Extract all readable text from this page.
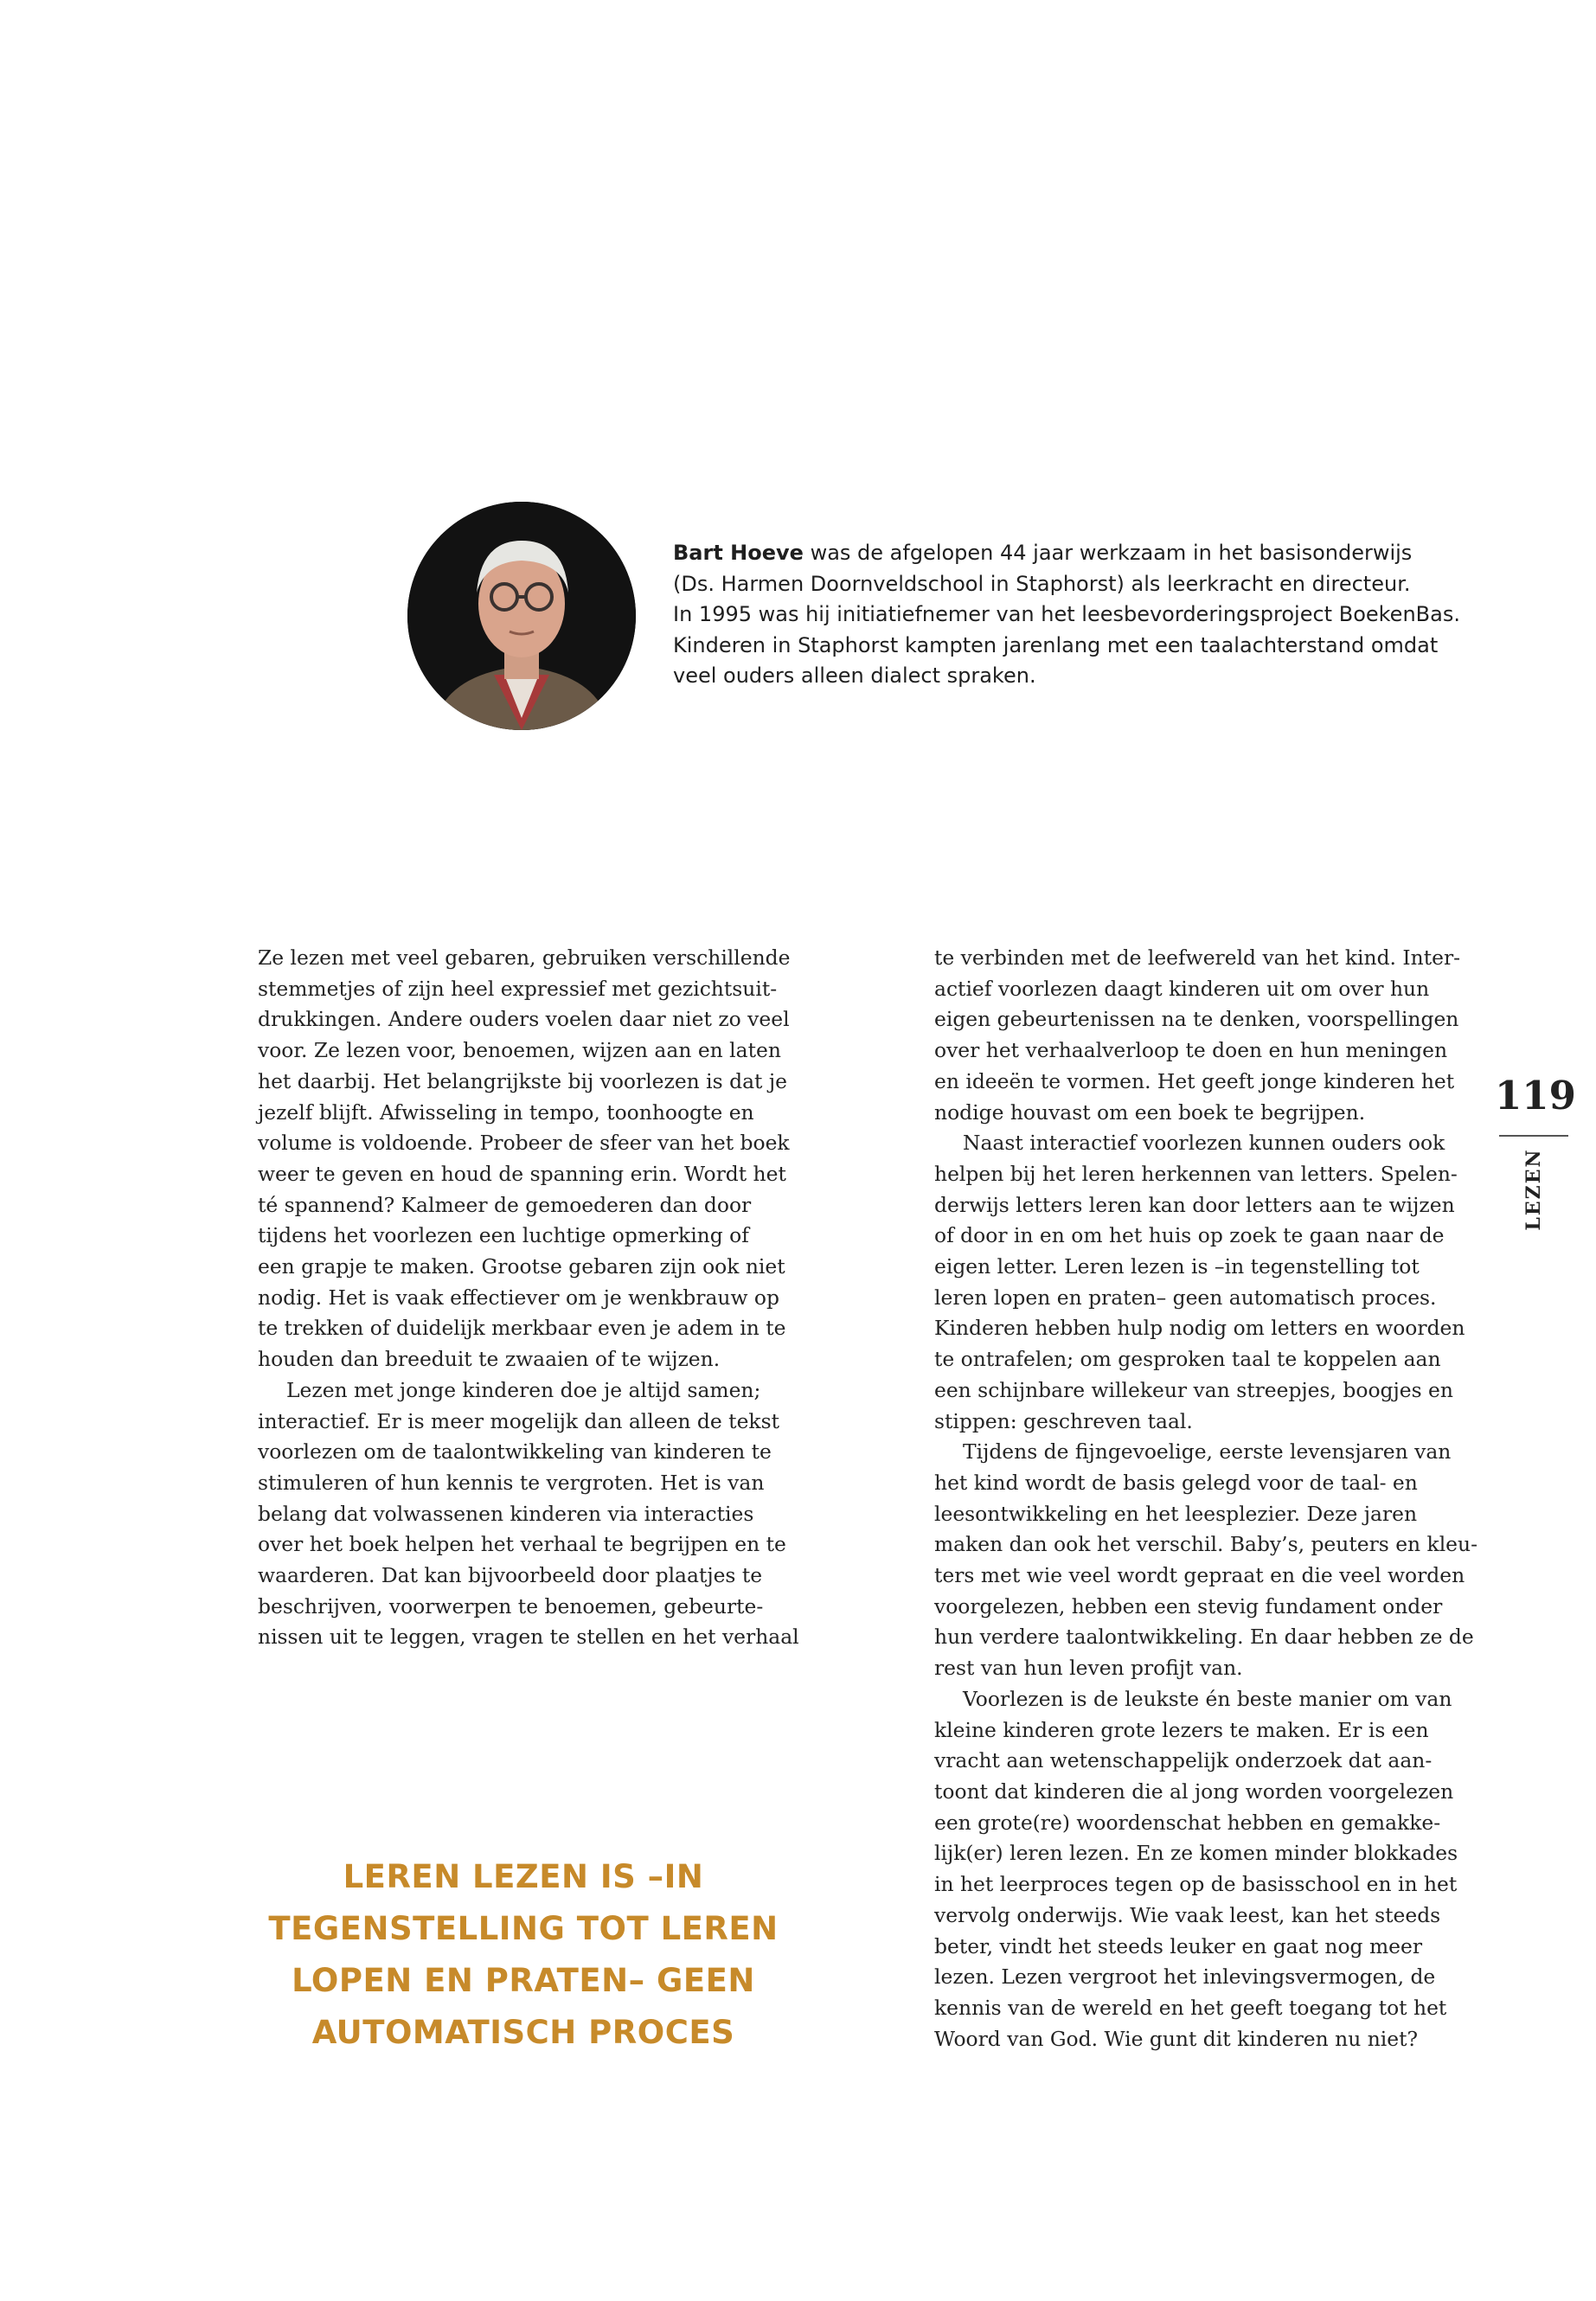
Bart Hoeve was de afgelopen 44 jaar werkzaam in het basisonderwijs
(Ds. Harmen Doornveldschool in Staphorst) als leerkracht en directeur.
In 1995 was hij initiatiefnemer van het leesbevorderingsproject BoekenBas.
Kinderen in Staphorst kampten jarenlang met een taalachterstand omdat
veel ouders alleen dialect spraken.
Ze lezen met veel gebaren, gebruiken verschillende
stemmetjes of zijn heel expressief met gezichtsuit-
drukkingen. Andere ouders voelen daar niet zo veel
voor. Ze lezen voor, benoemen, wijzen aan en laten
het daarbij. Het belangrijkste bij voorlezen is dat je
jezelf blijft. Afwisseling in tempo, toonhoogte en
volume is voldoende. Probeer de sfeer van het boek
weer te geven en houd de spanning erin. Wordt het
té spannend? Kalmeer de gemoederen dan door
tijdens het voorlezen een luchtige opmerking of
een grapje te maken. Grootse gebaren zijn ook niet
nodig. Het is vaak effectiever om je wenkbrauw op
te trekken of duidelijk merkbaar even je adem in te
houden dan breeduit te zwaaien of te wijzen.
Lezen met jonge kinderen doe je altijd samen;
interactief. Er is meer mogelijk dan alleen de tekst
voorlezen om de taalontwikkeling van kinderen te
stimuleren of hun kennis te vergroten. Het is van
belang dat volwassenen kinderen via interacties
over het boek helpen het verhaal te begrijpen en te
waarderen. Dat kan bijvoorbeeld door plaatjes te
beschrijven, voorwerpen te benoemen, gebeurte-
nissen uit te leggen, vragen te stellen en het verhaal
te verbinden met de leefwereld van het kind. Inter-
actief voorlezen daagt kinderen uit om over hun
eigen gebeurtenissen na te denken, voorspellingen
over het verhaalverloop te doen en hun meningen
en ideeën te vormen. Het geeft jonge kinderen het
nodige houvast om een boek te begrijpen.
Naast interactief voorlezen kunnen ouders ook
helpen bij het leren herkennen van letters. Spelen-
derwijs letters leren kan door letters aan te wijzen
of door in en om het huis op zoek te gaan naar de
eigen letter. Leren lezen is –in tegenstelling tot
leren lopen en praten– geen automatisch proces.
Kinderen hebben hulp nodig om letters en woorden
te ontrafelen; om gesproken taal te koppelen aan
een schijnbare willekeur van streepjes, boogjes en
stippen: geschreven taal.
Tijdens de fijngevoelige, eerste levensjaren van
het kind wordt de basis gelegd voor de taal- en
leesontwikkeling en het leesplezier. Deze jaren
maken dan ook het verschil. Baby’s, peuters en kleu-
ters met wie veel wordt gepraat en die veel worden
voorgelezen, hebben een stevig fundament onder
hun verdere taalontwikkeling. En daar hebben ze de
rest van hun leven profijt van.
Voorlezen is de leukste én beste manier om van
kleine kinderen grote lezers te maken. Er is een
vracht aan wetenschappelijk onderzoek dat aan-
toont dat kinderen die al jong worden voorgelezen
een grote(re) woordenschat hebben en gemakke-
lijk(er) leren lezen. En ze komen minder blokkades
in het leerproces tegen op de basisschool en in het
vervolg onderwijs. Wie vaak leest, kan het steeds
beter, vindt het steeds leuker en gaat nog meer
lezen. Lezen vergroot het inlevingsvermogen, de
kennis van de wereld en het geeft toegang tot het
Woord van God. Wie gunt dit kinderen nu niet?
LEREN LEZEN IS –IN
TEGENSTELLING TOT LEREN
LOPEN EN PRATEN– GEEN
AUTOMATISCH PROCES
119
LEZEN
